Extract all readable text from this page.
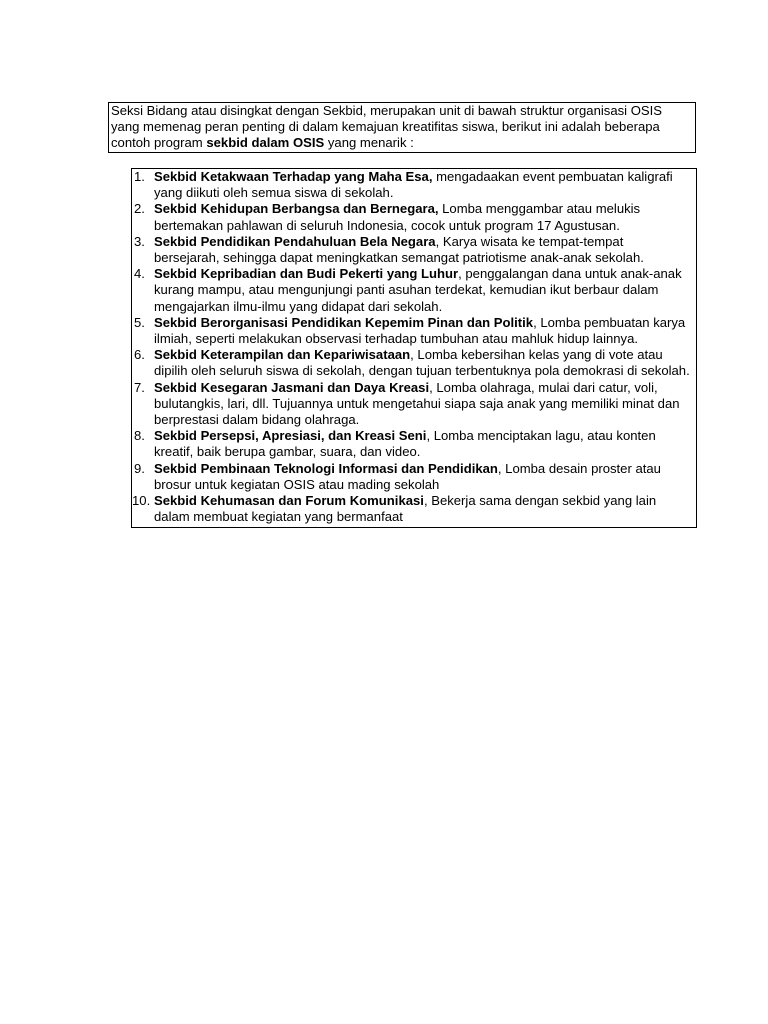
Seksi Bidang atau disingkat dengan Sekbid, merupakan unit di bawah struktur organisasi OSIS yang memenag peran penting di dalam kemajuan kreatifitas siswa, berikut ini adalah beberapa contoh program sekbid dalam OSIS yang menarik :

1. Sekbid Ketakwaan Terhadap yang Maha Esa, mengadaakan event pembuatan kaligrafi yang diikuti oleh semua siswa di sekolah.
2. Sekbid Kehidupan Berbangsa dan Bernegara, Lomba menggambar atau melukis bertemakan pahlawan di seluruh Indonesia, cocok untuk program 17 Agustusan.
3. Sekbid Pendidikan Pendahuluan Bela Negara, Karya wisata ke tempat-tempat bersejarah, sehingga dapat meningkatkan semangat patriotisme anak-anak sekolah.
4. Sekbid Kepribadian dan Budi Pekerti yang Luhur, penggalangan dana untuk anak-anak kurang mampu, atau mengunjungi panti asuhan terdekat, kemudian ikut berbaur dalam mengajarkan ilmu-ilmu yang didapat dari sekolah.
5. Sekbid Berorganisasi Pendidikan Kepemim Pinan dan Politik, Lomba pembuatan karya ilmiah, seperti melakukan observasi terhadap tumbuhan atau mahluk hidup lainnya.
6. Sekbid Keterampilan dan Kepariwisataan, Lomba kebersihan kelas yang di vote atau dipilih oleh seluruh siswa di sekolah, dengan tujuan terbentuknya pola demokrasi di sekolah.
7. Sekbid Kesegaran Jasmani dan Daya Kreasi, Lomba olahraga, mulai dari catur, voli, bulutangkis, lari, dll. Tujuannya untuk mengetahui siapa saja anak yang memiliki minat dan berprestasi dalam bidang olahraga.
8. Sekbid Persepsi, Apresiasi, dan Kreasi Seni, Lomba menciptakan lagu, atau konten kreatif, baik berupa gambar, suara, dan video.
9. Sekbid Pembinaan Teknologi Informasi dan Pendidikan, Lomba desain proster atau brosur untuk kegiatan OSIS atau mading sekolah
10. Sekbid Kehumasan dan Forum Komunikasi, Bekerja sama dengan sekbid yang lain dalam membuat kegiatan yang bermanfaat
